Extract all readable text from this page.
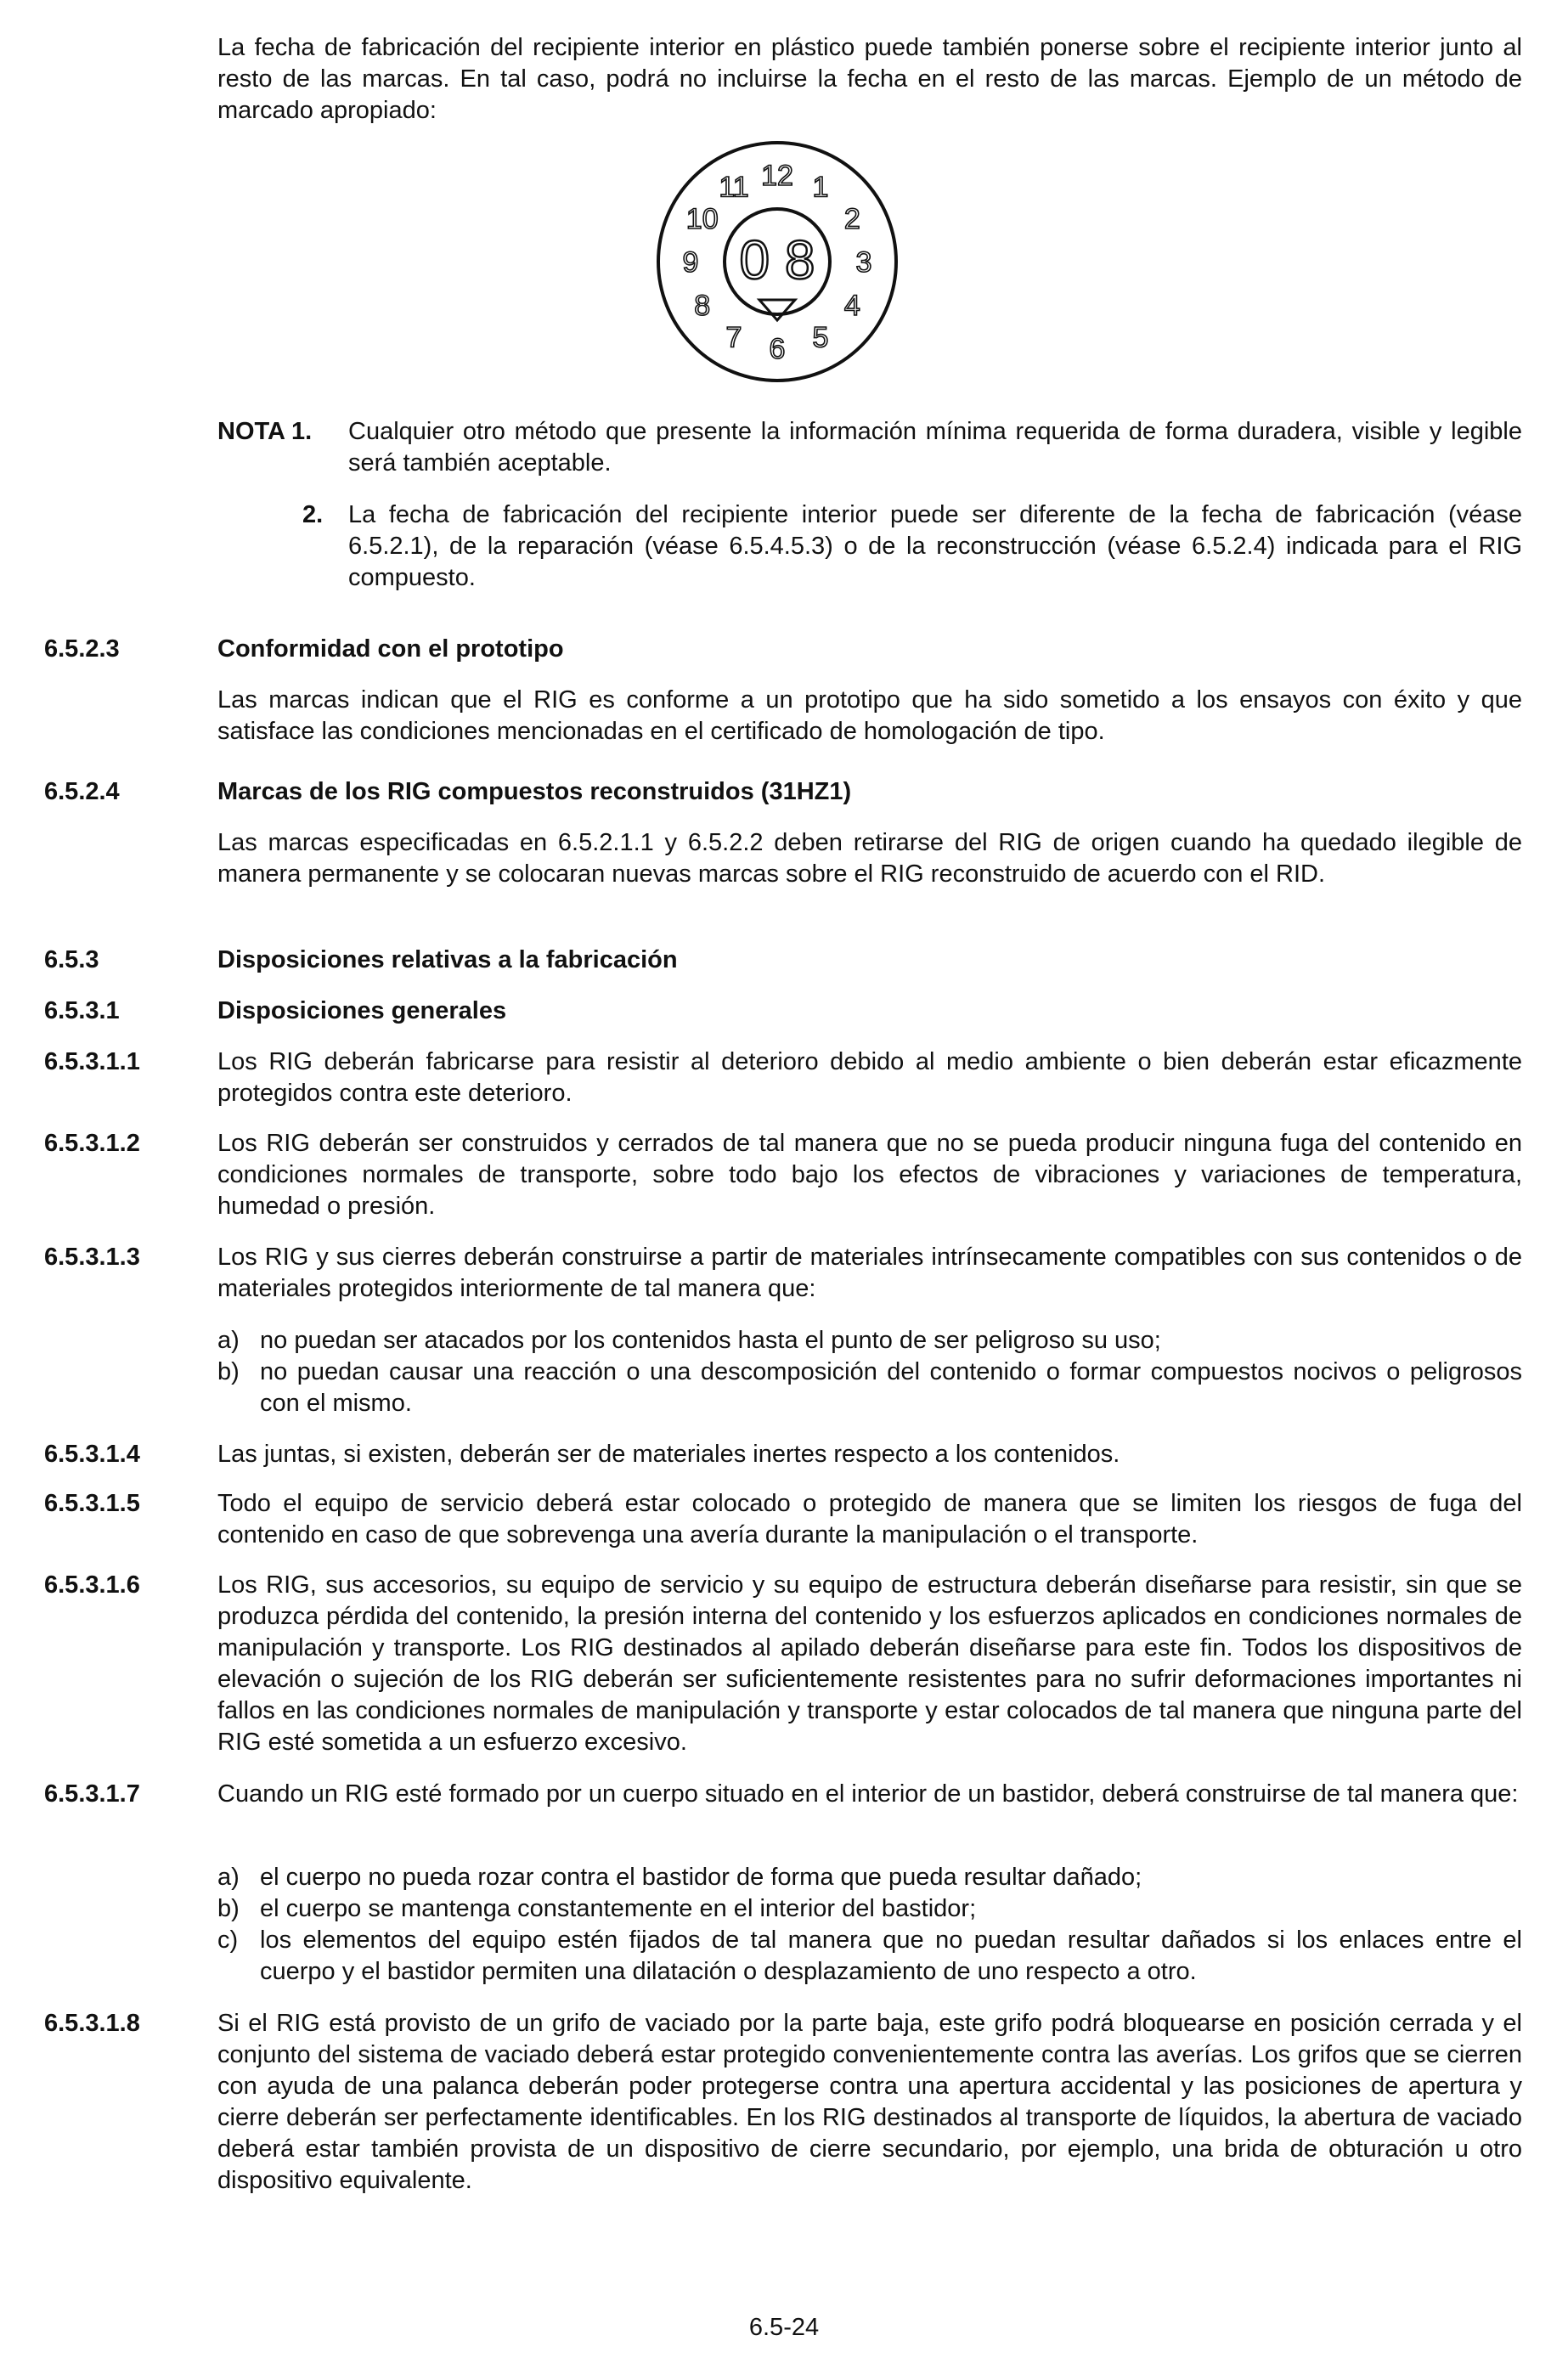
La fecha de fabricación del recipiente interior en plástico puede también ponerse sobre el recipiente interior junto al resto de las marcas. En tal caso, podrá no incluirse la fecha en el resto de las marcas. Ejemplo de un método de marcado apropiado:

12 1
2
3
4
5
6
7
8
9
10
11
0 8

NOTA 1. Cualquier otro método que presente la información mínima requerida de forma duradera, visible y legible será también aceptable.

2. La fecha de fabricación del recipiente interior puede ser diferente de la fecha de fabricación (véase 6.5.2.1), de la reparación (véase 6.5.4.5.3) o de la reconstrucción (véase 6.5.2.4) indicada para el RIG compuesto.

6.5.2.3	Conformidad con el prototipo

Las marcas indican que el RIG es conforme a un prototipo que ha sido sometido a los ensayos con éxito y que satisface las condiciones mencionadas en el certificado de homologación de tipo.

6.5.2.4	Marcas de los RIG compuestos reconstruidos (31HZ1)

Las marcas especificadas en 6.5.2.1.1 y 6.5.2.2 deben retirarse del RIG de origen cuando ha quedado ilegible de manera permanente y se colocaran nuevas marcas sobre el RIG reconstruido de acuerdo con el RID.

6.5.3	Disposiciones relativas a la fabricación

6.5.3.1	Disposiciones generales

6.5.3.1.1	Los RIG deberán fabricarse para resistir al deterioro debido al medio ambiente o bien deberán estar eficazmente protegidos contra este deterioro.

6.5.3.1.2	Los RIG deberán ser construidos y cerrados de tal manera que no se pueda producir ninguna fuga del contenido en condiciones normales de transporte, sobre todo bajo los efectos de vibraciones y variaciones de temperatura, humedad o presión.

6.5.3.1.3	Los RIG y sus cierres deberán construirse a partir de materiales intrínsecamente compatibles con sus contenidos o de materiales protegidos interiormente de tal manera que:

a) no puedan ser atacados por los contenidos hasta el punto de ser peligroso su uso;
b) no puedan causar una reacción o una descomposición del contenido o formar compuestos nocivos o peligrosos con el mismo.
6.5.3.1.4	Las juntas, si existen, deberán ser de materiales inertes respecto a los contenidos.

6.5.3.1.5	Todo el equipo de servicio deberá estar colocado o protegido de manera que se limiten los riesgos de fuga del contenido en caso de que sobrevenga una avería durante la manipulación o el transporte.

6.5.3.1.6	Los RIG, sus accesorios, su equipo de servicio y su equipo de estructura deberán diseñarse para resistir, sin que se produzca pérdida del contenido, la presión interna del contenido y los esfuerzos aplicados en condiciones normales de manipulación y transporte. Los RIG destinados al apilado deberán diseñarse para este fin. Todos los dispositivos de elevación o sujeción de los RIG deberán ser suficientemente resistentes para no sufrir deformaciones importantes ni fallos en las condiciones normales de manipulación y transporte y estar colocados de tal manera que ninguna parte del RIG esté sometida a un esfuerzo excesivo.

6.5.3.1.7	Cuando un RIG esté formado por un cuerpo situado en el interior de un bastidor, deberá construirse de tal manera que:

a) el cuerpo no pueda rozar contra el bastidor de forma que pueda resultar dañado;
b) el cuerpo se mantenga constantemente en el interior del bastidor;
c) los elementos del equipo estén fijados de tal manera que no puedan resultar dañados si los enlaces entre el cuerpo y el bastidor permiten una dilatación o desplazamiento de uno respecto a otro.
6.5.3.1.8	Si el RIG está provisto de un grifo de vaciado por la parte baja, este grifo podrá bloquearse en posición cerrada y el conjunto del sistema de vaciado deberá estar protegido convenientemente contra las averías. Los grifos que se cierren con ayuda de una palanca deberán poder protegerse contra una apertura accidental y las posiciones de apertura y cierre deberán ser perfectamente identificables. En los RIG destinados al transporte de líquidos, la abertura de vaciado deberá estar también provista de un dispositivo de cierre secundario, por ejemplo, una brida de obturación u otro dispositivo equivalente.

6.5-24
